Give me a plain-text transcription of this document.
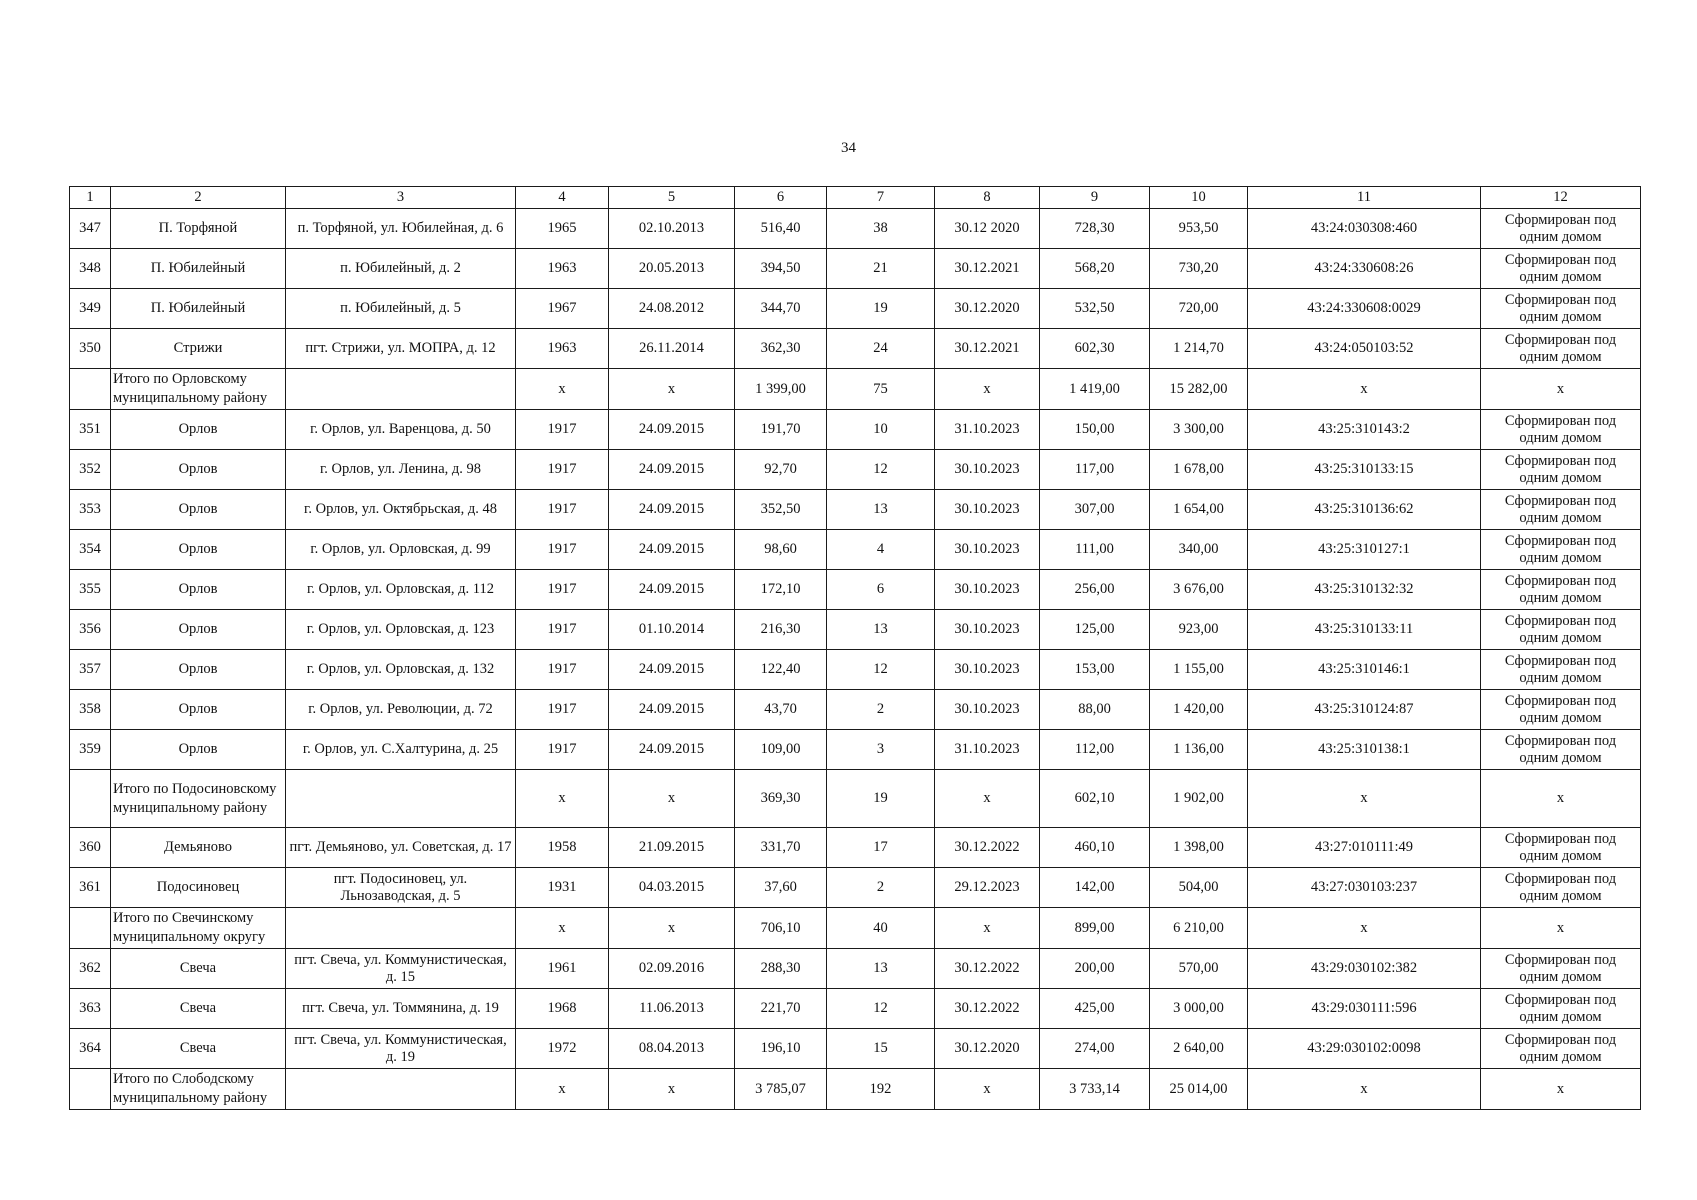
34
1	2	3	4	5	6	7	8	9	10	11	12
347	П. Торфяной	п. Торфяной, ул. Юбилейная, д. 6	1965	02.10.2013	516,40	38	30.12 2020	728,30	953,50	43:24:030308:460	Сформирован под одним домом
348	П. Юбилейный	п. Юбилейный, д. 2	1963	20.05.2013	394,50	21	30.12.2021	568,20	730,20	43:24:330608:26	Сформирован под одним домом
349	П. Юбилейный	п. Юбилейный, д. 5	1967	24.08.2012	344,70	19	30.12.2020	532,50	720,00	43:24:330608:0029	Сформирован под одним домом
350	Стрижи	пгт. Стрижи, ул. МОПРА, д. 12	1963	26.11.2014	362,30	24	30.12.2021	602,30	1 214,70	43:24:050103:52	Сформирован под одним домом
	Итого по Орловскому муниципальному району		х	х	1 399,00	75	х	1 419,00	15 282,00	х	х
351	Орлов	г. Орлов, ул. Варенцова, д. 50	1917	24.09.2015	191,70	10	31.10.2023	150,00	3 300,00	43:25:310143:2	Сформирован под одним домом
352	Орлов	г. Орлов, ул. Ленина, д. 98	1917	24.09.2015	92,70	12	30.10.2023	117,00	1 678,00	43:25:310133:15	Сформирован под одним домом
353	Орлов	г. Орлов, ул. Октябрьская, д. 48	1917	24.09.2015	352,50	13	30.10.2023	307,00	1 654,00	43:25:310136:62	Сформирован под одним домом
354	Орлов	г. Орлов, ул. Орловская, д. 99	1917	24.09.2015	98,60	4	30.10.2023	111,00	340,00	43:25:310127:1	Сформирован под одним домом
355	Орлов	г. Орлов, ул. Орловская, д. 112	1917	24.09.2015	172,10	6	30.10.2023	256,00	3 676,00	43:25:310132:32	Сформирован под одним домом
356	Орлов	г. Орлов, ул. Орловская, д. 123	1917	01.10.2014	216,30	13	30.10.2023	125,00	923,00	43:25:310133:11	Сформирован под одним домом
357	Орлов	г. Орлов, ул. Орловская, д. 132	1917	24.09.2015	122,40	12	30.10.2023	153,00	1 155,00	43:25:310146:1	Сформирован под одним домом
358	Орлов	г. Орлов, ул. Революции, д. 72	1917	24.09.2015	43,70	2	30.10.2023	88,00	1 420,00	43:25:310124:87	Сформирован под одним домом
359	Орлов	г. Орлов, ул. С.Халтурина, д. 25	1917	24.09.2015	109,00	3	31.10.2023	112,00	1 136,00	43:25:310138:1	Сформирован под одним домом
	Итого по Подосиновскому муниципальному району		х	х	369,30	19	х	602,10	1 902,00	х	х
360	Демьяново	пгт. Демьяново, ул. Советская, д. 17	1958	21.09.2015	331,70	17	30.12.2022	460,10	1 398,00	43:27:010111:49	Сформирован под одним домом
361	Подосиновец	пгт. Подосиновец, ул. Льнозаводская, д. 5	1931	04.03.2015	37,60	2	29.12.2023	142,00	504,00	43:27:030103:237	Сформирован под одним домом
	Итого по Свечинскому муниципальному округу		х	х	706,10	40	х	899,00	6 210,00	х	х
362	Свеча	пгт. Свеча, ул. Коммунистическая, д. 15	1961	02.09.2016	288,30	13	30.12.2022	200,00	570,00	43:29:030102:382	Сформирован под одним домом
363	Свеча	пгт. Свеча, ул. Томмянина, д. 19	1968	11.06.2013	221,70	12	30.12.2022	425,00	3 000,00	43:29:030111:596	Сформирован под одним домом
364	Свеча	пгт. Свеча, ул. Коммунистическая, д. 19	1972	08.04.2013	196,10	15	30.12.2020	274,00	2 640,00	43:29:030102:0098	Сформирован под одним домом
	Итого по Слободскому муниципальному району		х	х	3 785,07	192	х	3 733,14	25 014,00	х	х
